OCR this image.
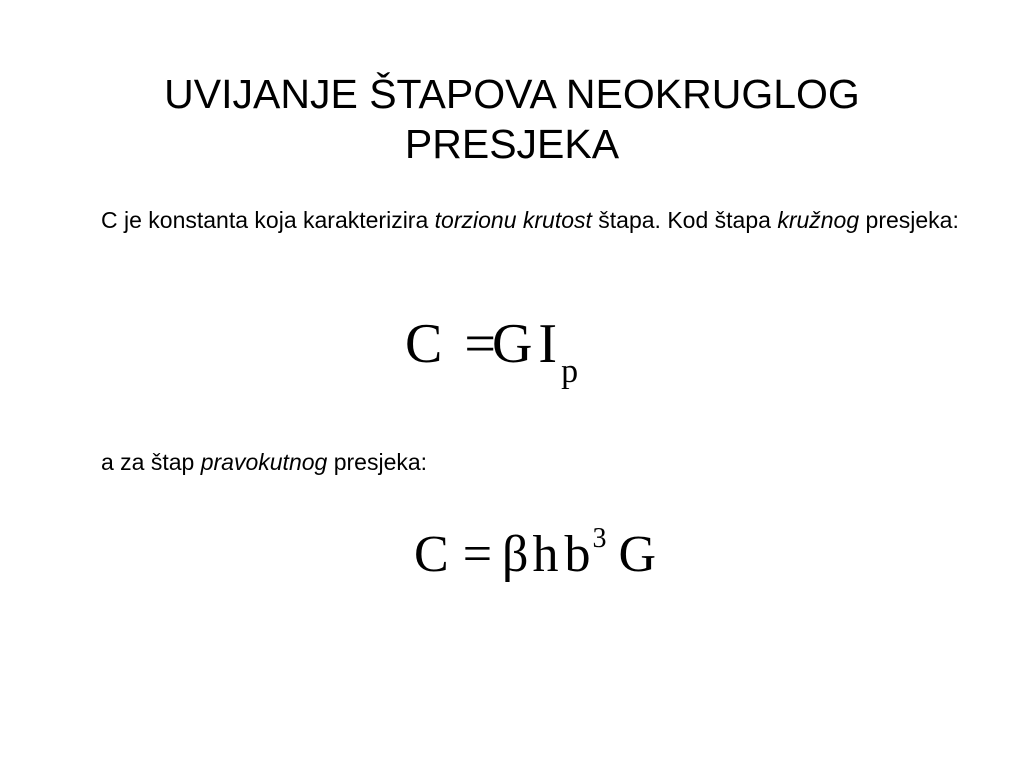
UVIJANJE ŠTAPOVA NEOKRUGLOG
PRESJEKA
C je konstanta koja karakterizira torzionu krutost štapa. Kod štapa kružnog presjeka:
C =G I p
a za štap pravokutnog presjeka:
C = βh b3 G
